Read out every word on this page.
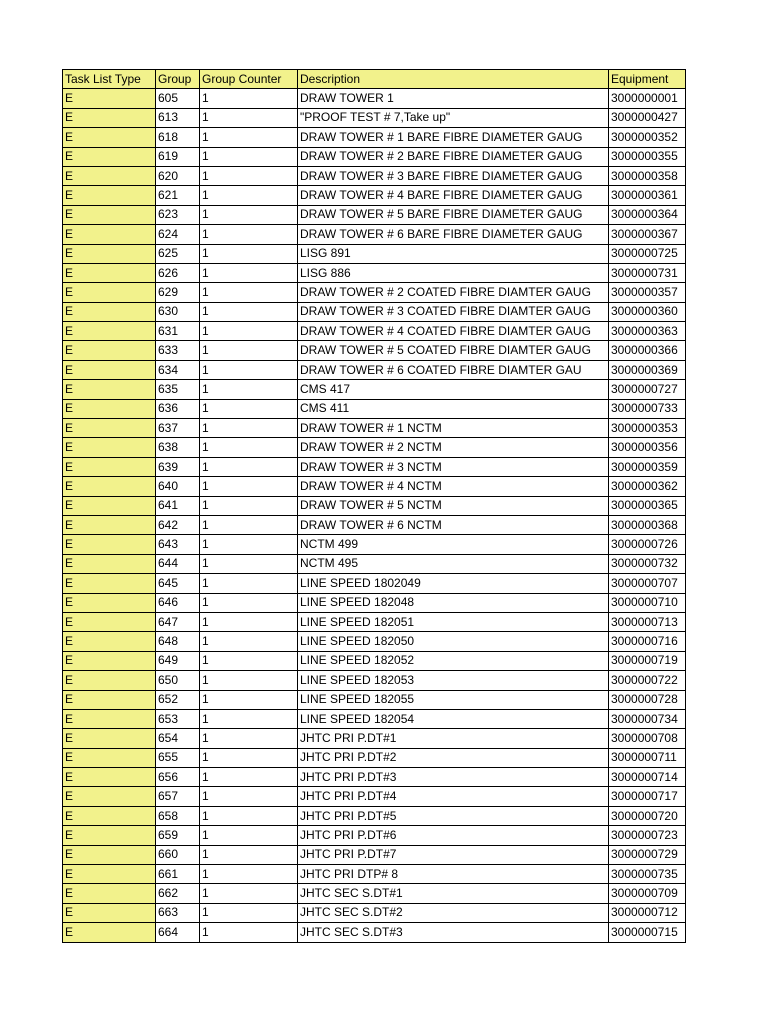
Task List Type	Group	Group Counter	Description	Equipment
E	605	1	DRAW TOWER 1	3000000001
E	613	1	"PROOF TEST # 7,Take up"	3000000427
E	618	1	DRAW TOWER # 1 BARE FIBRE DIAMETER GAUG	3000000352
E	619	1	DRAW TOWER # 2 BARE FIBRE DIAMETER GAUG	3000000355
E	620	1	DRAW TOWER # 3 BARE FIBRE DIAMETER GAUG	3000000358
E	621	1	DRAW TOWER # 4 BARE FIBRE DIAMETER GAUG	3000000361
E	623	1	DRAW TOWER # 5 BARE FIBRE DIAMETER GAUG	3000000364
E	624	1	DRAW TOWER # 6 BARE FIBRE DIAMETER GAUG	3000000367
E	625	1	LISG 891	3000000725
E	626	1	LISG 886	3000000731
E	629	1	DRAW TOWER # 2 COATED FIBRE DIAMTER GAUG	3000000357
E	630	1	DRAW TOWER # 3 COATED FIBRE DIAMTER GAUG	3000000360
E	631	1	DRAW TOWER # 4 COATED FIBRE DIAMTER GAUG	3000000363
E	633	1	DRAW TOWER # 5 COATED FIBRE DIAMTER GAUG	3000000366
E	634	1	DRAW TOWER # 6 COATED FIBRE DIAMTER GAU	3000000369
E	635	1	CMS 417	3000000727
E	636	1	CMS 411	3000000733
E	637	1	DRAW TOWER # 1 NCTM	3000000353
E	638	1	DRAW TOWER # 2 NCTM	3000000356
E	639	1	DRAW TOWER # 3 NCTM	3000000359
E	640	1	DRAW TOWER # 4 NCTM	3000000362
E	641	1	DRAW TOWER # 5 NCTM	3000000365
E	642	1	DRAW TOWER # 6 NCTM	3000000368
E	643	1	NCTM 499	3000000726
E	644	1	NCTM 495	3000000732
E	645	1	LINE SPEED 1802049	3000000707
E	646	1	LINE SPEED 182048	3000000710
E	647	1	LINE SPEED 182051	3000000713
E	648	1	LINE SPEED 182050	3000000716
E	649	1	LINE SPEED 182052	3000000719
E	650	1	LINE SPEED 182053	3000000722
E	652	1	LINE SPEED 182055	3000000728
E	653	1	LINE SPEED 182054	3000000734
E	654	1	JHTC PRI P.DT#1	3000000708
E	655	1	JHTC PRI P.DT#2	3000000711
E	656	1	JHTC PRI P.DT#3	3000000714
E	657	1	JHTC PRI P.DT#4	3000000717
E	658	1	JHTC PRI P.DT#5	3000000720
E	659	1	JHTC PRI P.DT#6	3000000723
E	660	1	JHTC PRI P.DT#7	3000000729
E	661	1	JHTC PRI DTP# 8	3000000735
E	662	1	JHTC SEC S.DT#1	3000000709
E	663	1	JHTC SEC S.DT#2	3000000712
E	664	1	JHTC SEC S.DT#3	3000000715
